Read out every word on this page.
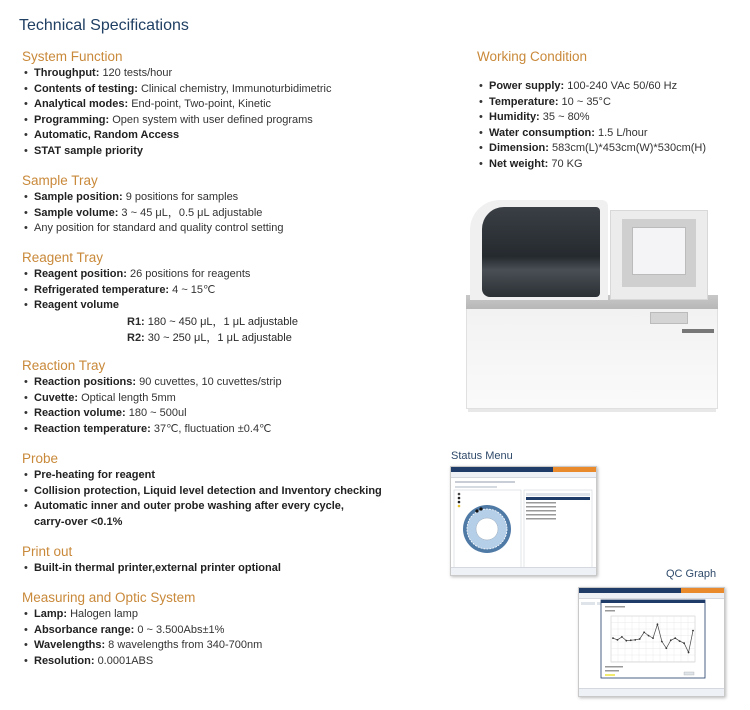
Technical Specifications
System Function
• Throughput: 120 tests/hour
• Contents of testing: Clinical chemistry, Immunoturbidimetric
• Analytical modes: End-point, Two-point, Kinetic
• Programming: Open system with user defined programs
• Automatic, Random Access
• STAT sample priority
Sample Tray
• Sample position: 9 positions for samples
• Sample volume: 3 ~ 45 μL，0.5 μL adjustable
• Any position for standard and quality control setting
Reagent Tray
• Reagent position: 26 positions for reagents
• Refrigerated temperature: 4 ~ 15℃
• Reagent volume
R1: 180 ~ 450 μL，1 μL adjustable
R2: 30 ~ 250 μL，1 μL adjustable
Reaction Tray
• Reaction positions: 90 cuvettes, 10 cuvettes/strip
• Cuvette: Optical length 5mm
• Reaction volume: 180 ~ 500ul
• Reaction temperature: 37℃, fluctuation ±0.4℃
Probe
• Pre-heating for reagent
• Collision protection, Liquid level detection and Inventory checking
• Automatic inner and outer probe washing after every cycle,
carry-over <0.1%
Print out
• Built-in thermal printer,external printer optional
Measuring and Optic System
• Lamp: Halogen lamp
• Absorbance range: 0 ~ 3.500Abs±1%
• Wavelengths: 8 wavelengths from 340-700nm
• Resolution: 0.0001ABS
Working Condition
• Power supply: 100-240 VAc 50/60 Hz
• Temperature: 10 ~ 35°C
• Humidity: 35 ~ 80%
• Water consumption: 1.5 L/hour
• Dimension: 583cm(L)*453cm(W)*530cm(H)
• Net weight: 70 KG
Status Menu
QC Graph
